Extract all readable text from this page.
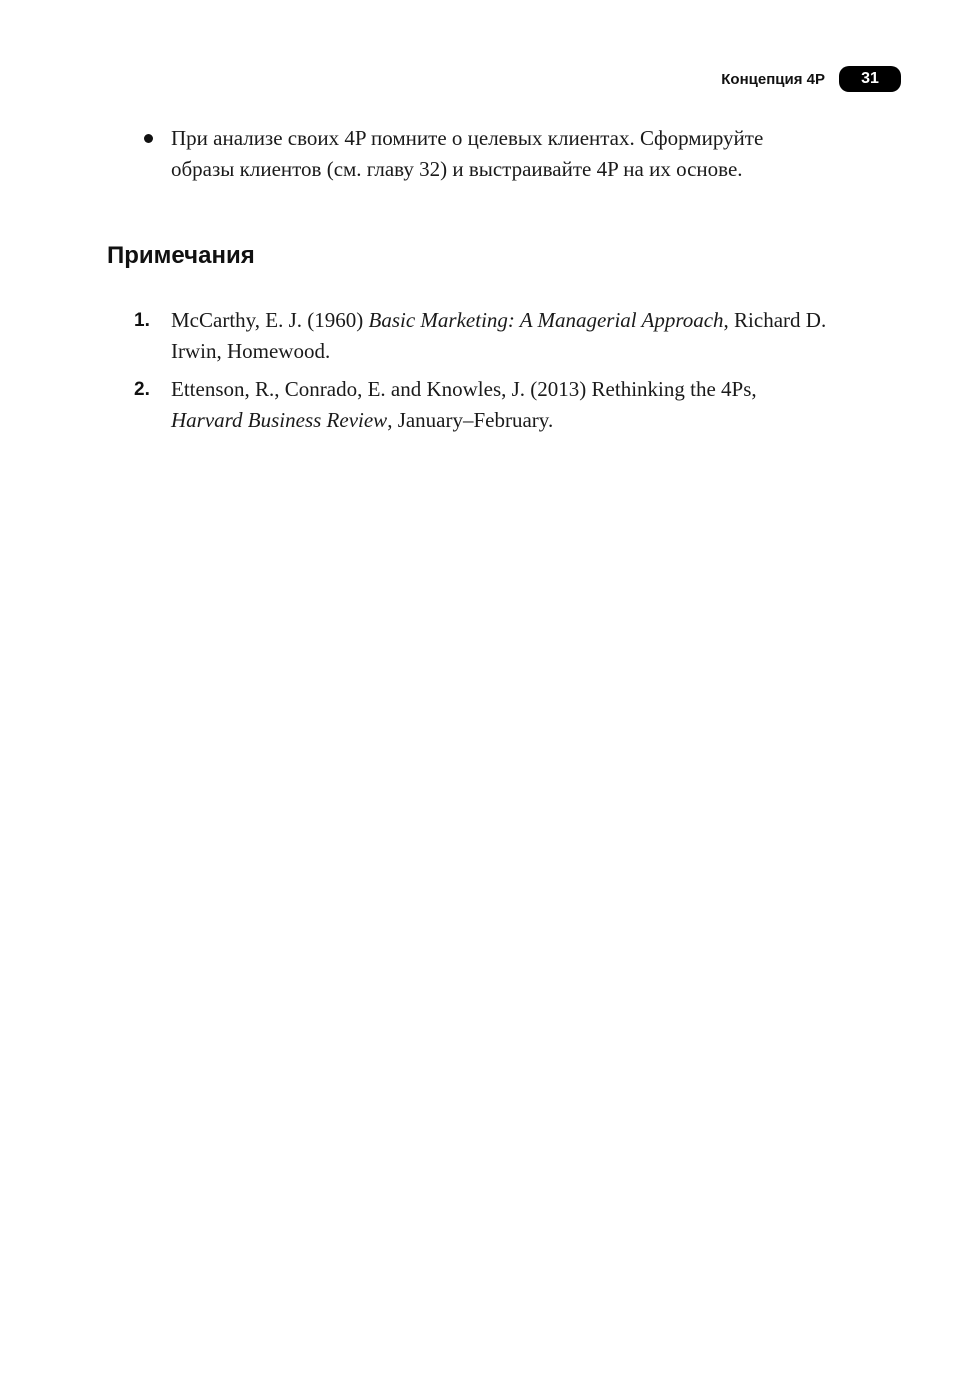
Концепция 4P	31
При анализе своих 4P помните о целевых клиентах. Сформируйте образы клиентов (см. главу 32) и выстраивайте 4P на их основе.
Примечания
1. McCarthy, E. J. (1960) Basic Marketing: A Managerial Approach, Richard D. Irwin, Homewood.
2. Ettenson, R., Conrado, E. and Knowles, J. (2013) Rethinking the 4Ps, Harvard Business Review, January–February.
